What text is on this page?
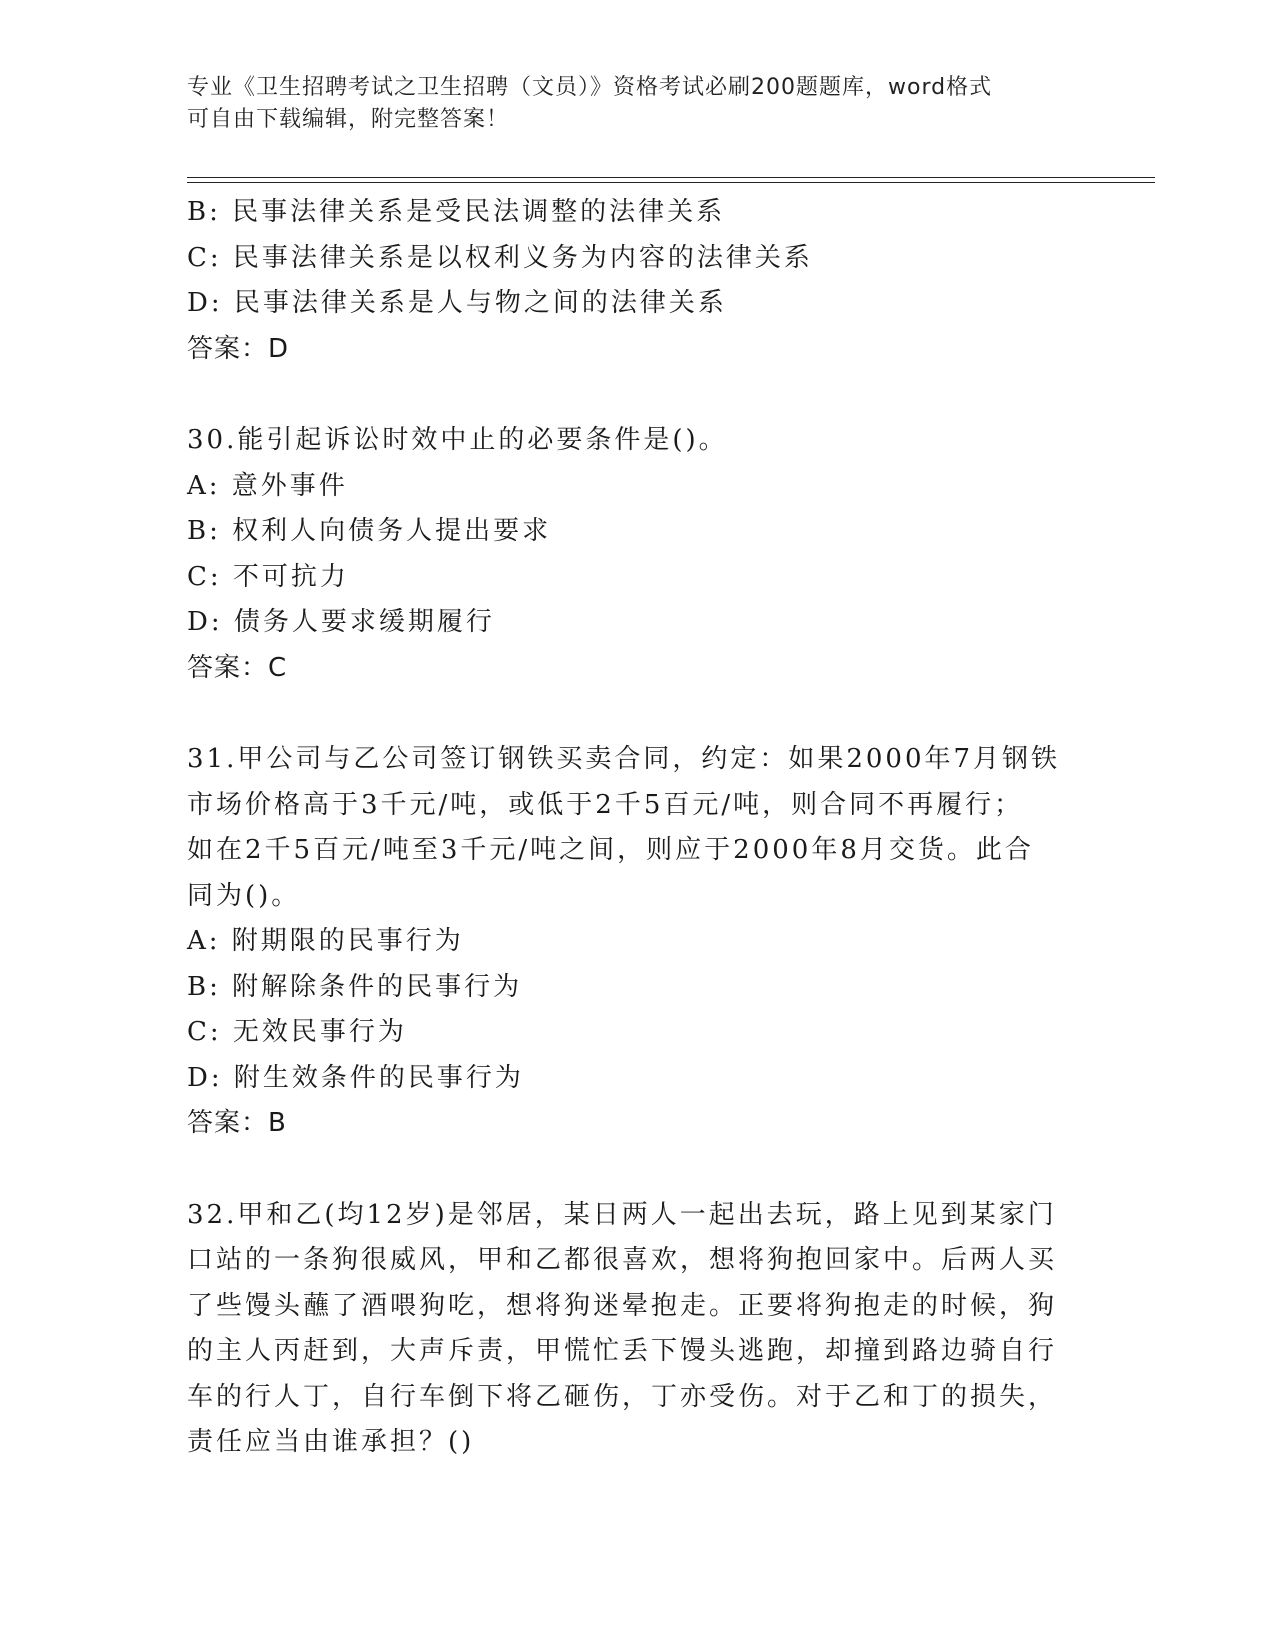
专业《卫生招聘考试之卫生招聘（文员）》资格考试必刷200题题库，word格式
可自由下载编辑，附完整答案！
B: 民事法律关系是受民法调整的法律关系
C: 民事法律关系是以权利义务为内容的法律关系
D: 民事法律关系是人与物之间的法律关系
答案：D
30.能引起诉讼时效中止的必要条件是()。
A: 意外事件
B: 权利人向债务人提出要求
C: 不可抗力
D: 债务人要求缓期履行
答案：C
31.甲公司与乙公司签订钢铁买卖合同，约定：如果2000年7月钢铁
市场价格高于3千元/吨，或低于2千5百元/吨，则合同不再履行；
如在2千5百元/吨至3千元/吨之间，则应于2000年8月交货。此合
同为()。
A: 附期限的民事行为
B: 附解除条件的民事行为
C: 无效民事行为
D: 附生效条件的民事行为
答案：B
32.甲和乙(均12岁)是邻居，某日两人一起出去玩，路上见到某家门
口站的一条狗很威风，甲和乙都很喜欢，想将狗抱回家中。后两人买
了些馒头蘸了酒喂狗吃，想将狗迷晕抱走。正要将狗抱走的时候，狗
的主人丙赶到，大声斥责，甲慌忙丢下馒头逃跑，却撞到路边骑自行
车的行人丁，自行车倒下将乙砸伤，丁亦受伤。对于乙和丁的损失，
责任应当由谁承担？()
